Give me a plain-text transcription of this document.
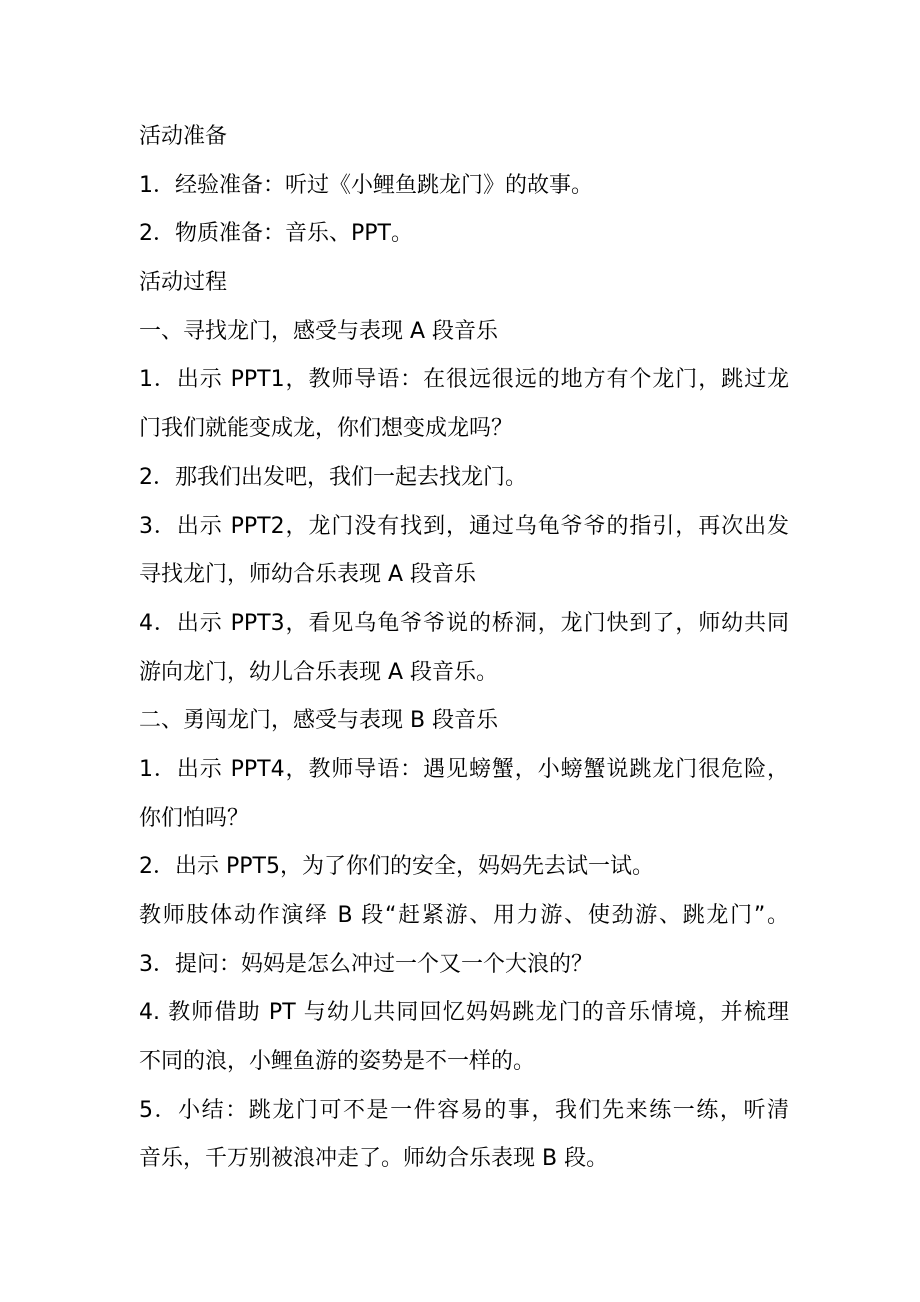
活动准备
1．经验准备：听过《小鲤鱼跳龙门》的故事。
2．物质准备：音乐、PPT。
活动过程
一、寻找龙门，感受与表现 A 段音乐
1．出示 PPT1，教师导语：在很远很远的地方有个龙门，跳过龙
门我们就能变成龙，你们想变成龙吗？
2．那我们出发吧，我们一起去找龙门。
3．出示 PPT2，龙门没有找到，通过乌龟爷爷的指引，再次出发
寻找龙门，师幼合乐表现 A 段音乐
4．出示 PPT3，看见乌龟爷爷说的桥洞，龙门快到了，师幼共同
游向龙门，幼儿合乐表现 A 段音乐。
二、勇闯龙门，感受与表现 B 段音乐
1．出示 PPT4，教师导语：遇见螃蟹，小螃蟹说跳龙门很危险，
你们怕吗？
2．出示 PPT5，为了你们的安全，妈妈先去试一试。
教师肢体动作演绎 B 段“赶紧游、用力游、使劲游、跳龙门”。
3．提问：妈妈是怎么冲过一个又一个大浪的？
4. 教师借助 PT 与幼儿共同回忆妈妈跳龙门的音乐情境，并梳理
不同的浪，小鲤鱼游的姿势是不一样的。
5．小结：跳龙门可不是一件容易的事，我们先来练一练，听清
音乐，千万别被浪冲走了。师幼合乐表现 B 段。
